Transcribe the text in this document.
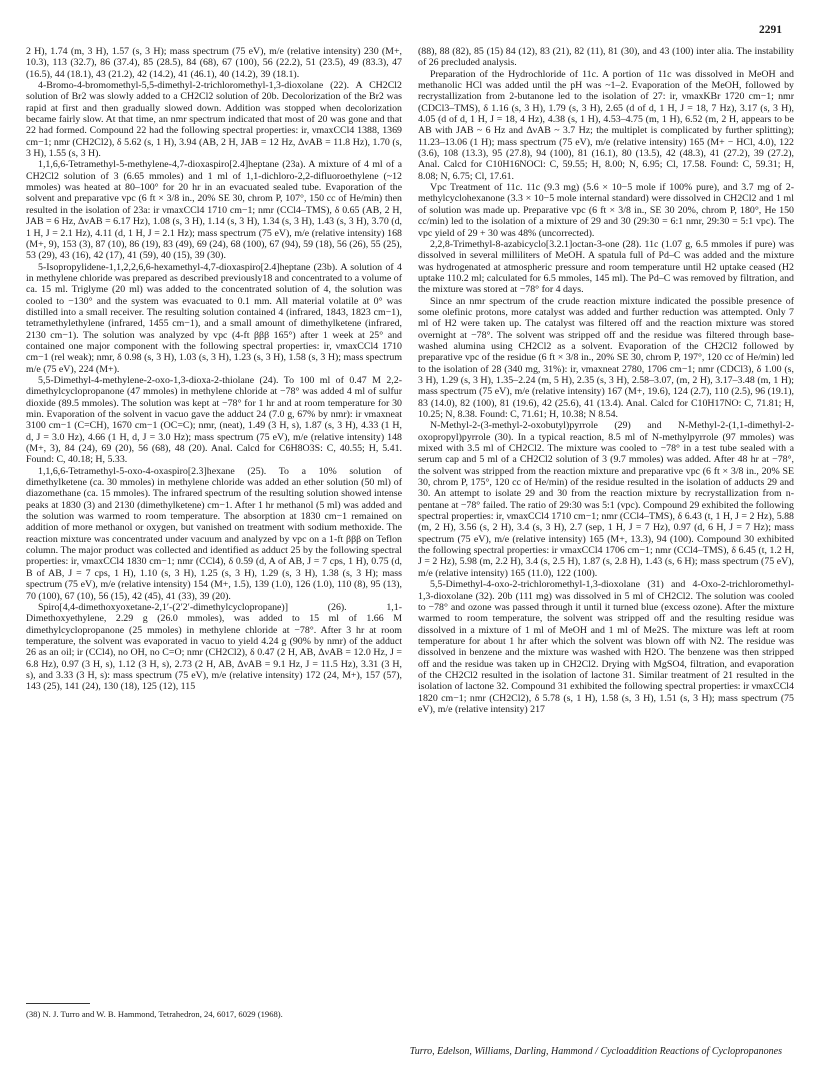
2291

2 H), 1.74 (m, 3 H), 1.57 (s, 3 H); mass spectrum (75 eV), m/e (relative intensity) 230 (M+, 10.3), 113 (32.7), 86 (37.4), 85 (28.5), 84 (68), 67 (100), 56 (22.2), 51 (23.5), 49 (83.3), 47 (16.5), 44 (18.1), 43 (21.2), 42 (14.2), 41 (46.1), 40 (14.2), 39 (18.1).

4-Bromo-4-bromomethyl-5,5-dimethyl-2-trichloromethyl-1,3-dioxolane (22). A CH2Cl2 solution of Br2 was slowly added to a CH2Cl2 solution of 20b. Decolorization of the Br2 was rapid at first and then gradually slowed down. Addition was stopped when decolorization became fairly slow. At that time, an nmr spectrum indicated that most of 20 was gone and that 22 had formed. Compound 22 had the following spectral properties: ir, νmaxCCl4 1388, 1369 cm−1; nmr (CH2Cl2), δ 5.62 (s, 1 H), 3.94 (AB, 2 H, JAB = 12 Hz, ΔνAB = 11.8 Hz), 1.70 (s, 3 H), 1.55 (s, 3 H).

1,1,6,6-Tetramethyl-5-methylene-4,7-dioxaspiro[2.4]heptane (23a). A mixture of 4 ml of a CH2Cl2 solution of 3 (6.65 mmoles) and 1 ml of 1,1-dichloro-2,2-difluoroethylene (~12 mmoles) was heated at 80–100° for 20 hr in an evacuated sealed tube. Evaporation of the solvent and preparative vpc (6 ft × 3/8 in., 20% SE 30, chrom P, 107°, 150 cc of He/min) then resulted in the isolation of 23a: ir νmaxCCl4 1710 cm−1; nmr (CCl4–TMS), δ 0.65 (AB, 2 H, JAB = 6 Hz, ΔνAB = 6.17 Hz), 1.08 (s, 3 H), 1.14 (s, 3 H), 1.34 (s, 3 H), 1.43 (s, 3 H), 3.70 (d, 1 H, J = 2.1 Hz), 4.11 (d, 1 H, J = 2.1 Hz); mass spectrum (75 eV), m/e (relative intensity) 168 (M+, 9), 153 (3), 87 (10), 86 (19), 83 (49), 69 (24), 68 (100), 67 (94), 59 (18), 56 (26), 55 (25), 53 (29), 43 (16), 42 (17), 41 (59), 40 (15), 39 (30).

5-Isopropylidene-1,1,2,2,6,6-hexamethyl-4,7-dioxaspiro[2.4]heptane (23b). A solution of 4 in methylene chloride was prepared as described previously18 and concentrated to a volume of ca. 15 ml. Triglyme (20 ml) was added to the concentrated solution of 4, the solution was cooled to −130° and the system was evacuated to 0.1 mm. All material volatile at 0° was distilled into a small receiver. The resulting solution contained 4 (infrared, 1843, 1823 cm−1), tetramethylethylene (infrared, 1455 cm−1), and a small amount of dimethylketene (infrared, 2130 cm−1). The solution was analyzed by vpc (4-ft βββ 165°) after 1 week at 25° and contained one major component with the following spectral properties: ir, νmaxCCl4 1710 cm−1 (rel weak); nmr, δ 0.98 (s, 3 H), 1.03 (s, 3 H), 1.23 (s, 3 H), 1.58 (s, 3 H); mass spectrum m/e (75 eV), 224 (M+).

5,5-Dimethyl-4-methylene-2-oxo-1,3-dioxa-2-thiolane (24). To 100 ml of 0.47 M 2,2-dimethylcyclopropanone (47 mmoles) in methylene chloride at −78° was added 4 ml of sulfur dioxide (89.5 mmoles). The solution was kept at −78° for 1 hr and at room temperature for 30 min. Evaporation of the solvent in vacuo gave the adduct 24 (7.0 g, 67% by nmr): ir νmaxneat 3100 cm−1 (C=CH), 1670 cm−1 (OC=C); nmr, (neat), 1.49 (3 H, s), 1.87 (s, 3 H), 4.33 (1 H, d, J = 3.0 Hz), 4.66 (1 H, d, J = 3.0 Hz); mass spectrum (75 eV), m/e (relative intensity) 148 (M+, 3), 84 (24), 69 (20), 56 (68), 48 (20). Anal. Calcd for C6H8O3S: C, 40.55; H, 5.41. Found: C, 40.18; H, 5.33.

1,1,6,6-Tetramethyl-5-oxo-4-oxaspiro[2.3]hexane (25). To a 10% solution of dimethylketene (ca. 30 mmoles) in methylene chloride was added an ether solution (50 ml) of diazomethane (ca. 15 mmoles). The infrared spectrum of the resulting solution showed intense peaks at 1830 (3) and 2130 (dimethylketene) cm−1. After 1 hr methanol (5 ml) was added and the solution was warmed to room temperature. The absorption at 1830 cm−1 remained on addition of more methanol or oxygen, but vanished on treatment with sodium methoxide. The reaction mixture was concentrated under vacuum and analyzed by vpc on a 1-ft βββ on Teflon column. The major product was collected and identified as adduct 25 by the following spectral properties: ir, νmaxCCl4 1830 cm−1; nmr (CCl4), δ 0.59 (d, A of AB, J = 7 cps, 1 H), 0.75 (d, B of AB, J = 7 cps, 1 H), 1.10 (s, 3 H), 1.25 (s, 3 H), 1.29 (s, 3 H), 1.38 (s, 3 H); mass spectrum (75 eV), m/e (relative intensity) 154 (M+, 1.5), 139 (1.0), 126 (1.0), 110 (8), 95 (13), 70 (100), 67 (10), 56 (15), 42 (45), 41 (33), 39 (20).

Spiro[4,4-dimethoxyoxetane-2,1′-(2′2′-dimethylcyclopropane)] (26). 1,1-Dimethoxyethylene, 2.29 g (26.0 mmoles), was added to 15 ml of 1.66 M dimethylcyclopropanone (25 mmoles) in methylene chloride at −78°. After 3 hr at room temperature, the solvent was evaporated in vacuo to yield 4.24 g (90% by nmr) of the adduct 26 as an oil; ir (CCl4), no OH, no C=O; nmr (CH2Cl2), δ 0.47 (2 H, AB, ΔνAB = 12.0 Hz, J = 6.8 Hz), 0.97 (3 H, s), 1.12 (3 H, s), 2.73 (2 H, AB, ΔνAB = 9.1 Hz, J = 11.5 Hz), 3.31 (3 H, s), and 3.33 (3 H, s): mass spectrum (75 eV), m/e (relative intensity) 172 (24, M+), 157 (57), 143 (25), 141 (24), 130 (18), 125 (12), 115

(88), 88 (82), 85 (15) 84 (12), 83 (21), 82 (11), 81 (30), and 43 (100) inter alia. The instability of 26 precluded analysis.

Preparation of the Hydrochloride of 11c. A portion of 11c was dissolved in MeOH and methanolic HCl was added until the pH was ~1–2. Evaporation of the MeOH, followed by recrystallization from 2-butanone led to the isolation of 27: ir, νmaxKBr 1720 cm−1; nmr (CDCl3–TMS), δ 1.16 (s, 3 H), 1.79 (s, 3 H), 2.65 (d of d, 1 H, J = 18, 7 Hz), 3.17 (s, 3 H), 4.05 (d of d, 1 H, J = 18, 4 Hz), 4.38 (s, 1 H), 4.53–4.75 (m, 1 H), 6.52 (m, 2 H, appears to be AB with JAB ~ 6 Hz and ΔνAB ~ 3.7 Hz; the multiplet is complicated by further splitting); 11.23–13.06 (1 H); mass spectrum (75 eV), m/e (relative intensity) 165 (M+ − HCl, 4.0), 122 (3.6), 108 (13.3), 95 (27.8), 94 (100), 81 (16.1), 80 (13.5), 42 (48.3), 41 (27.2), 39 (27.2), Anal. Calcd for C10H16NOCl: C, 59.55; H, 8.00; N, 6.95; Cl, 17.58. Found: C, 59.31; H, 8.08; N, 6.75; Cl, 17.61.

Vpc Treatment of 11c. 11c (9.3 mg) (5.6 × 10−5 mole if 100% pure), and 3.7 mg of 2-methylcyclohexanone (3.3 × 10−5 mole internal standard) were dissolved in CH2Cl2 and 1 ml of solution was made up. Preparative vpc (6 ft × 3/8 in., SE 30 20%, chrom P, 180°, He 150 cc/min) led to the isolation of a mixture of 29 and 30 (29:30 = 6:1 nmr, 29:30 = 5:1 vpc). The vpc yield of 29 + 30 was 48% (uncorrected).

2,2,8-Trimethyl-8-azabicyclo[3.2.1]octan-3-one (28). 11c (1.07 g, 6.5 mmoles if pure) was dissolved in several milliliters of MeOH. A spatula full of Pd–C was added and the mixture was hydrogenated at atmospheric pressure and room temperature until H2 uptake ceased (H2 uptake 110.2 ml; calculated for 6.5 mmoles, 145 ml). The Pd–C was removed by filtration, and the mixture was stored at −78° for 4 days.

Since an nmr spectrum of the crude reaction mixture indicated the possible presence of some olefinic protons, more catalyst was added and further reduction was attempted. Only 7 ml of H2 were taken up. The catalyst was filtered off and the reaction mixture was stored overnight at −78°. The solvent was stripped off and the residue was filtered through base-washed alumina using CH2Cl2 as a solvent. Evaporation of the CH2Cl2 followed by preparative vpc of the residue (6 ft × 3/8 in., 20% SE 30, chrom P, 197°, 120 cc of He/min) led to the isolation of 28 (340 mg, 31%): ir, νmaxneat 2780, 1706 cm−1; nmr (CDCl3), δ 1.00 (s, 3 H), 1.29 (s, 3 H), 1.35–2.24 (m, 5 H), 2.35 (s, 3 H), 2.58–3.07, (m, 2 H), 3.17–3.48 (m, 1 H); mass spectrum (75 eV), m/e (relative intensity) 167 (M+, 19.6), 124 (2.7), 110 (2.5), 96 (19.1), 83 (14.0), 82 (100), 81 (19.6), 42 (25.6), 41 (13.4). Anal. Calcd for C10H17NO: C, 71.81; H, 10.25; N, 8.38. Found: C, 71.61; H, 10.38; N 8.54.

N-Methyl-2-(3-methyl-2-oxobutyl)pyrrole (29) and N-Methyl-2-(1,1-dimethyl-2-oxopropyl)pyrrole (30). In a typical reaction, 8.5 ml of N-methylpyrrole (97 mmoles) was mixed with 3.5 ml of CH2Cl2. The mixture was cooled to −78° in a test tube sealed with a serum cap and 5 ml of a CH2Cl2 solution of 3 (9.7 mmoles) was added. After 48 hr at −78°, the solvent was stripped from the reaction mixture and preparative vpc (6 ft × 3/8 in., 20% SE 30, chrom P, 175°, 120 cc of He/min) of the residue resulted in the isolation of adducts 29 and 30. An attempt to isolate 29 and 30 from the reaction mixture by recrystallization from n-pentane at −78° failed. The ratio of 29:30 was 5:1 (vpc). Compound 29 exhibited the following spectral properties: ir, νmaxCCl4 1710 cm−1; nmr (CCl4–TMS), δ 6.43 (t, 1 H, J = 2 Hz), 5.88 (m, 2 H), 3.56 (s, 2 H), 3.4 (s, 3 H), 2.7 (sep, 1 H, J = 7 Hz), 0.97 (d, 6 H, J = 7 Hz); mass spectrum (75 eV), m/e (relative intensity) 165 (M+, 13.3), 94 (100). Compound 30 exhibited the following spectral properties: ir νmaxCCl4 1706 cm−1; nmr (CCl4–TMS), δ 6.45 (t, 1.2 H, J = 2 Hz), 5.98 (m, 2.2 H), 3.4 (s, 2.5 H), 1.87 (s, 2.8 H), 1.43 (s, 6 H); mass spectrum (75 eV), m/e (relative intensity) 165 (11.0), 122 (100).

5,5-Dimethyl-4-oxo-2-trichloromethyl-1,3-dioxolane (31) and 4-Oxo-2-trichloromethyl-1,3-dioxolane (32). 20b (111 mg) was dissolved in 5 ml of CH2Cl2. The solution was cooled to −78° and ozone was passed through it until it turned blue (excess ozone). After the mixture warmed to room temperature, the solvent was stripped off and the resulting residue was dissolved in a mixture of 1 ml of MeOH and 1 ml of Me2S. The mixture was left at room temperature for about 1 hr after which the solvent was blown off with N2. The residue was dissolved in benzene and the mixture was washed with H2O. The benzene was then stripped off and the residue was taken up in CH2Cl2. Drying with MgSO4, filtration, and evaporation of the CH2Cl2 resulted in the isolation of lactone 31. Similar treatment of 21 resulted in the isolation of lactone 32. Compound 31 exhibited the following spectral properties: ir νmaxCCl4 1820 cm−1; nmr (CH2Cl2), δ 5.78 (s, 1 H), 1.58 (s, 3 H), 1.51 (s, 3 H); mass spectrum (75 eV), m/e (relative intensity) 217

(38) N. J. Turro and W. B. Hammond, Tetrahedron, 24, 6017, 6029 (1968).
Turro, Edelson, Williams, Darling, Hammond / Cycloaddition Reactions of Cyclopropanones
